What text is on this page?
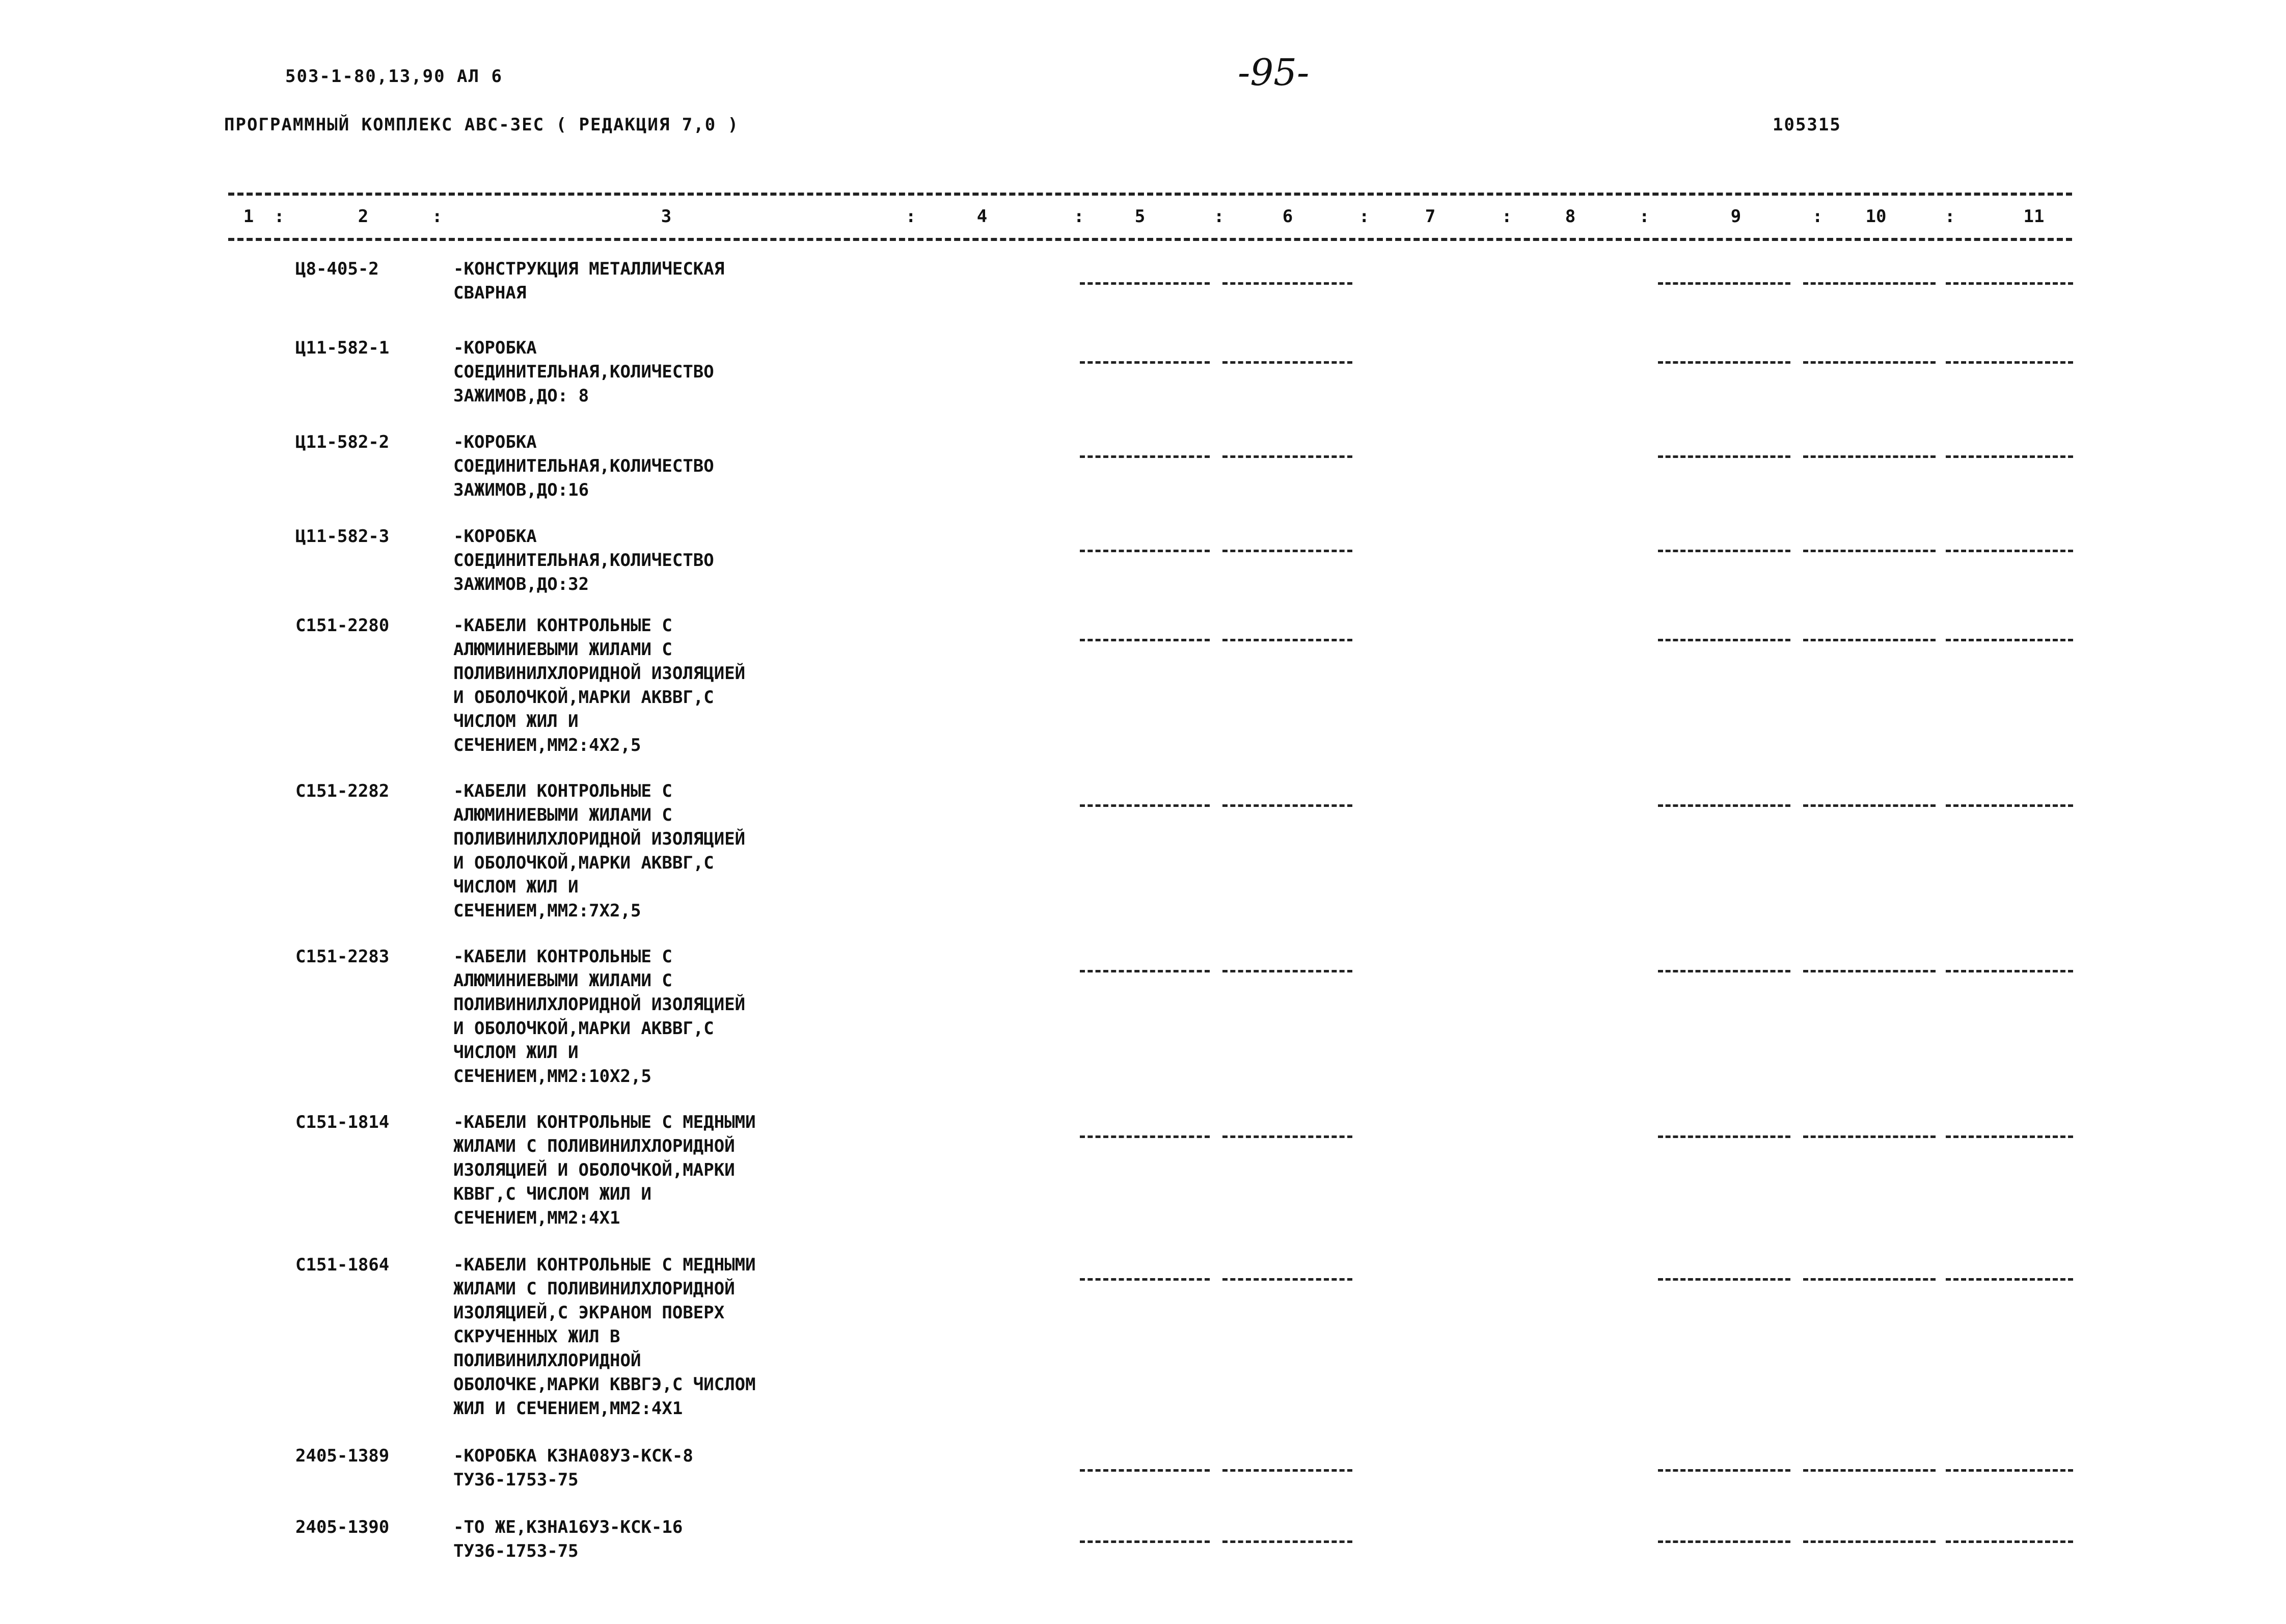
503-1-80,13,90 АЛ 6	-95-
ПРОГРАММНЫЙ КОМПЛЕКС АВС-3ЕС ( РЕДАКЦИЯ 7,0 )	105315
1	2	3	4	5	6	7	8	9	10	11
:	:	:	:	:	:	:	:	:	:
Ц8-405-2	-КОНСТРУКЦИЯ МЕТАЛЛИЧЕСКАЯ
СВАРНАЯ
Ц11-582-1	-КОРОБКА
СОЕДИНИТЕЛЬНАЯ,КОЛИЧЕСТВО
ЗАЖИМОВ,ДО: 8
Ц11-582-2	-КОРОБКА
СОЕДИНИТЕЛЬНАЯ,КОЛИЧЕСТВО
ЗАЖИМОВ,ДО:16
Ц11-582-3	-КОРОБКА
СОЕДИНИТЕЛЬНАЯ,КОЛИЧЕСТВО
ЗАЖИМОВ,ДО:32
С151-2280	-КАБЕЛИ КОНТРОЛЬНЫЕ С
АЛЮМИНИЕВЫМИ ЖИЛАМИ С
ПОЛИВИНИЛХЛОРИДНОЙ ИЗОЛЯЦИЕЙ
И ОБОЛОЧКОЙ,МАРКИ АКВВГ,С
ЧИСЛОМ ЖИЛ И
СЕЧЕНИЕМ,ММ2:4Х2,5
С151-2282	-КАБЕЛИ КОНТРОЛЬНЫЕ С
АЛЮМИНИЕВЫМИ ЖИЛАМИ С
ПОЛИВИНИЛХЛОРИДНОЙ ИЗОЛЯЦИЕЙ
И ОБОЛОЧКОЙ,МАРКИ АКВВГ,С
ЧИСЛОМ ЖИЛ И
СЕЧЕНИЕМ,ММ2:7Х2,5
С151-2283	-КАБЕЛИ КОНТРОЛЬНЫЕ С
АЛЮМИНИЕВЫМИ ЖИЛАМИ С
ПОЛИВИНИЛХЛОРИДНОЙ ИЗОЛЯЦИЕЙ
И ОБОЛОЧКОЙ,МАРКИ АКВВГ,С
ЧИСЛОМ ЖИЛ И
СЕЧЕНИЕМ,ММ2:10Х2,5
С151-1814	-КАБЕЛИ КОНТРОЛЬНЫЕ С МЕДНЫМИ
ЖИЛАМИ С ПОЛИВИНИЛХЛОРИДНОЙ
ИЗОЛЯЦИЕЙ И ОБОЛОЧКОЙ,МАРКИ
КВВГ,С ЧИСЛОМ ЖИЛ И
СЕЧЕНИЕМ,ММ2:4Х1
С151-1864	-КАБЕЛИ КОНТРОЛЬНЫЕ С МЕДНЫМИ
ЖИЛАМИ С ПОЛИВИНИЛХЛОРИДНОЙ
ИЗОЛЯЦИЕЙ,С ЭКРАНОМ ПОВЕРХ
СКРУЧЕННЫХ ЖИЛ В
ПОЛИВИНИЛХЛОРИДНОЙ
ОБОЛОЧКЕ,МАРКИ КВВГЭ,С ЧИСЛОМ
ЖИЛ И СЕЧЕНИЕМ,ММ2:4Х1
2405-1389	-КОРОБКА КЗНА08У3-КСК-8
ТУ36-1753-75
2405-1390	-ТО ЖЕ,КЗНА16У3-КСК-16
ТУ36-1753-75
